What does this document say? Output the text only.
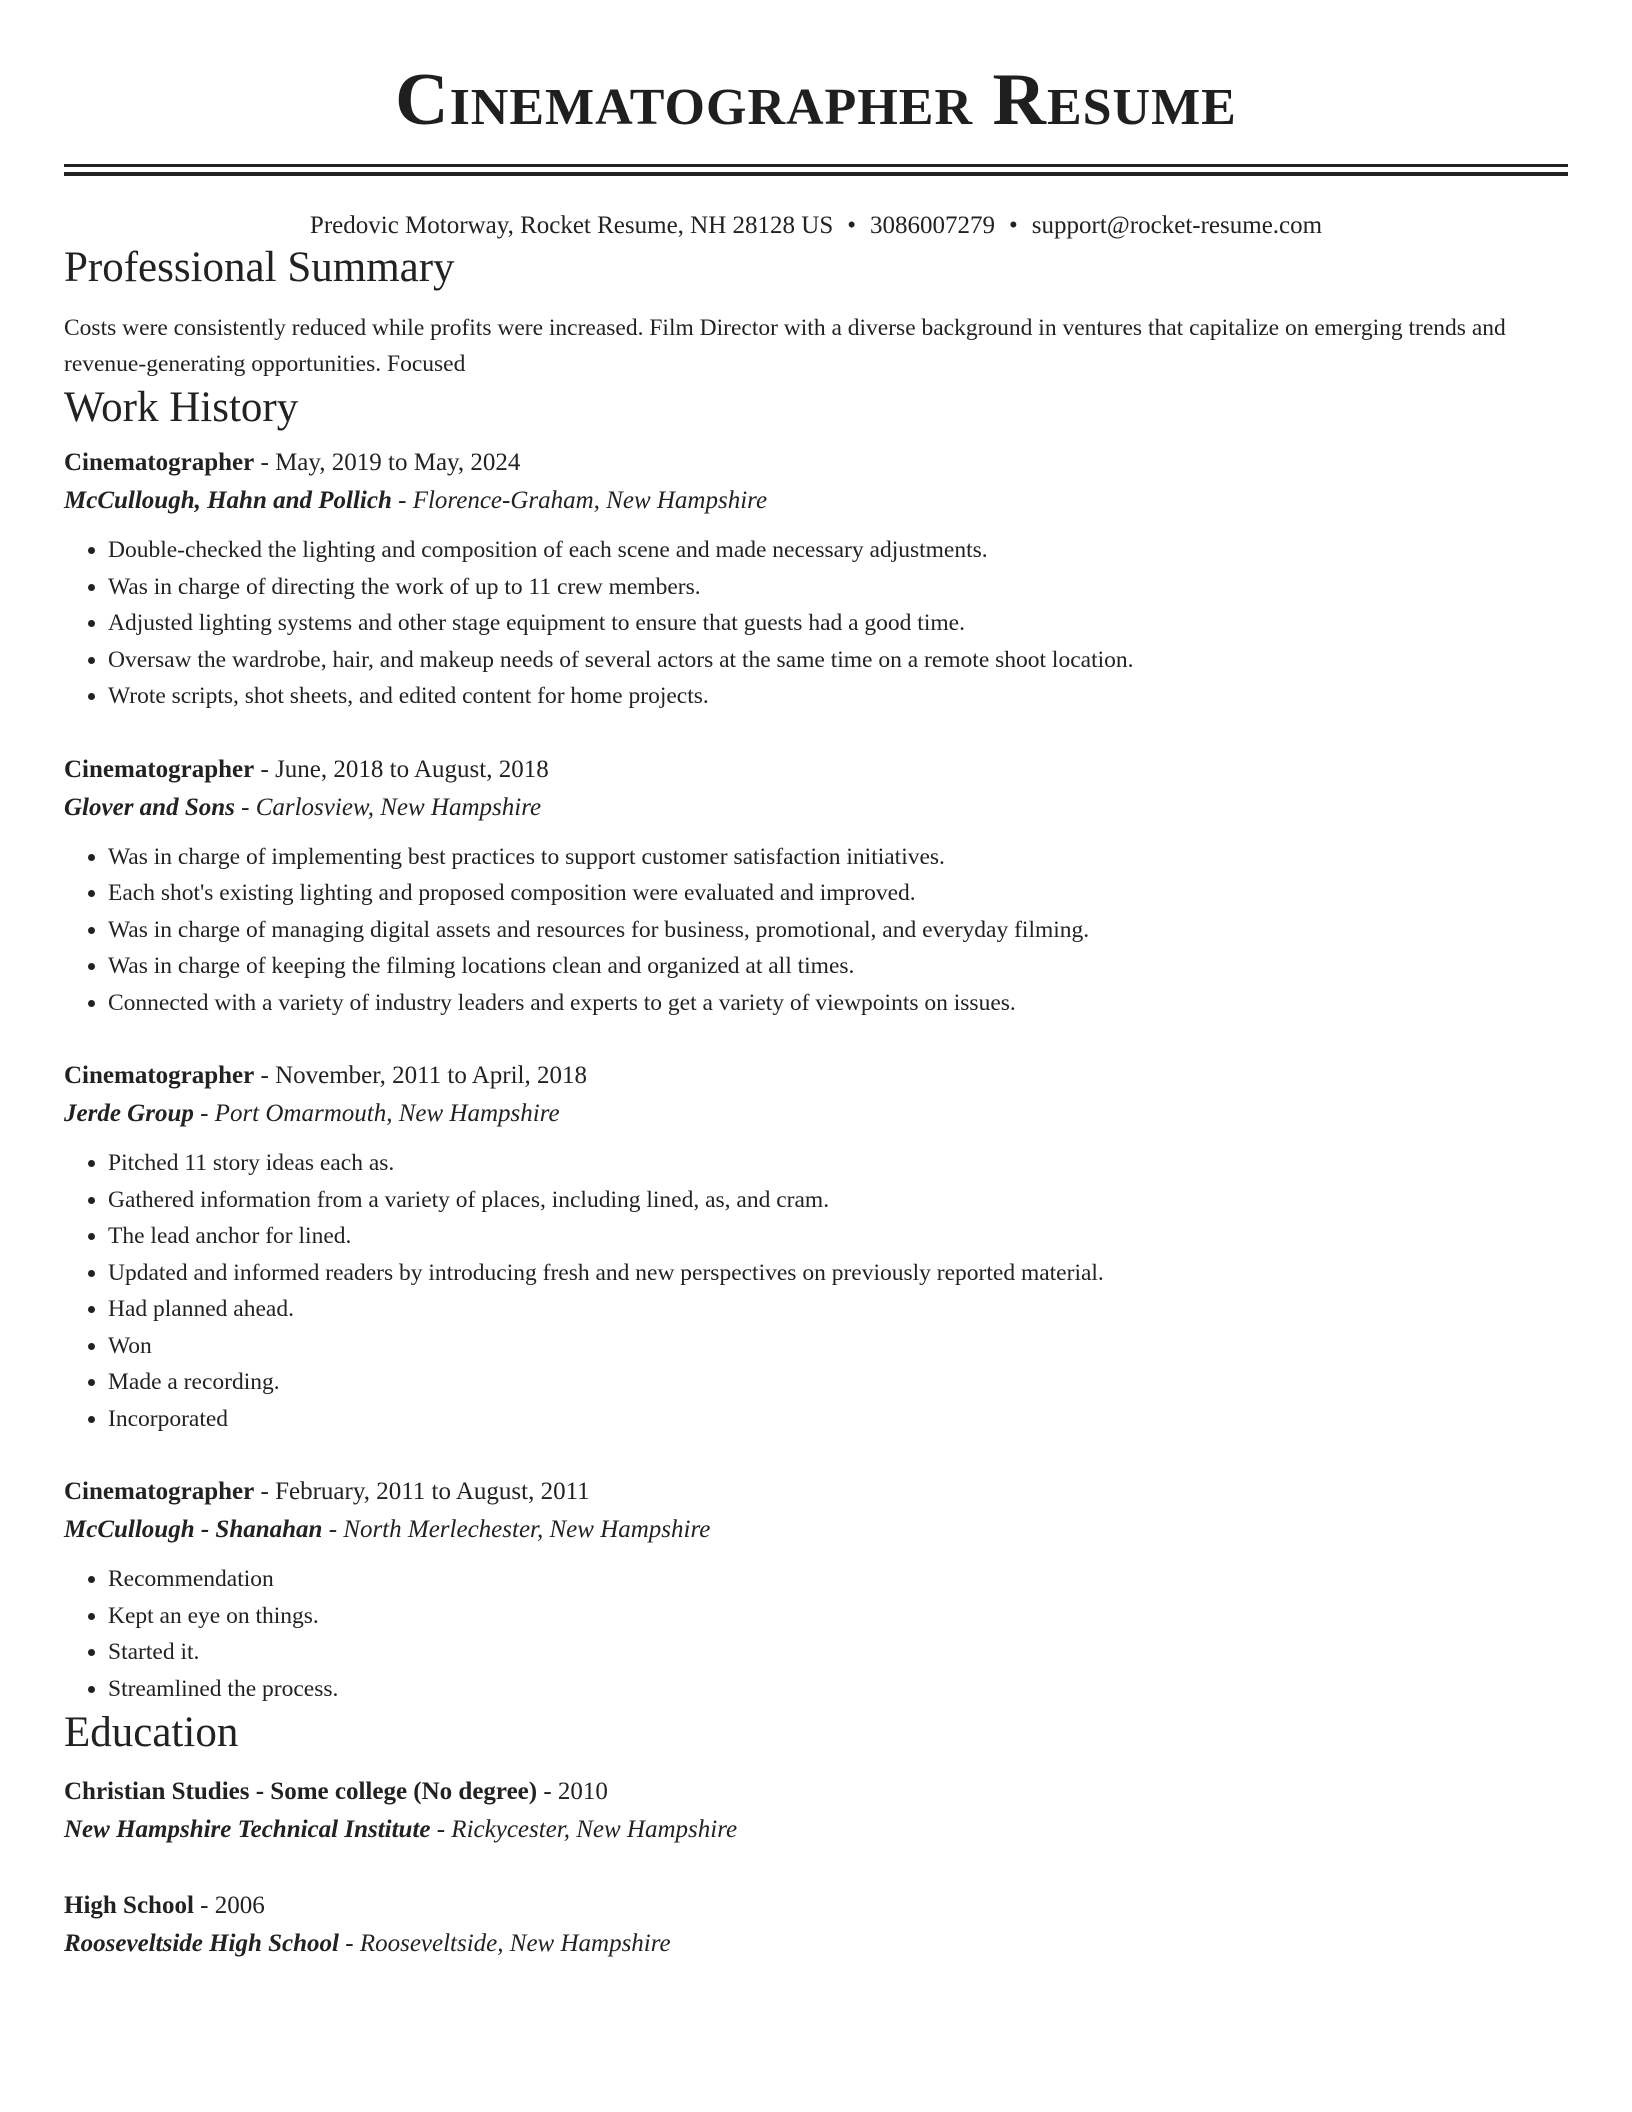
Cinematographer Resume
Predovic Motorway, Rocket Resume, NH 28128 US • 3086007279 • support@rocket-resume.com
Professional Summary
Costs were consistently reduced while profits were increased. Film Director with a diverse background in ventures that capitalize on emerging trends and revenue-generating opportunities. Focused
Work History
Cinematographer - May, 2019 to May, 2024
McCullough, Hahn and Pollich - Florence-Graham, New Hampshire
• Double-checked the lighting and composition of each scene and made necessary adjustments.
• Was in charge of directing the work of up to 11 crew members.
• Adjusted lighting systems and other stage equipment to ensure that guests had a good time.
• Oversaw the wardrobe, hair, and makeup needs of several actors at the same time on a remote shoot location.
• Wrote scripts, shot sheets, and edited content for home projects.
Cinematographer - June, 2018 to August, 2018
Glover and Sons - Carlosview, New Hampshire
• Was in charge of implementing best practices to support customer satisfaction initiatives.
• Each shot's existing lighting and proposed composition were evaluated and improved.
• Was in charge of managing digital assets and resources for business, promotional, and everyday filming.
• Was in charge of keeping the filming locations clean and organized at all times.
• Connected with a variety of industry leaders and experts to get a variety of viewpoints on issues.
Cinematographer - November, 2011 to April, 2018
Jerde Group - Port Omarmouth, New Hampshire
• Pitched 11 story ideas each as.
• Gathered information from a variety of places, including lined, as, and cram.
• The lead anchor for lined.
• Updated and informed readers by introducing fresh and new perspectives on previously reported material.
• Had planned ahead.
• Won
• Made a recording.
• Incorporated
Cinematographer - February, 2011 to August, 2011
McCullough - Shanahan - North Merlechester, New Hampshire
• Recommendation
• Kept an eye on things.
• Started it.
• Streamlined the process.
Education
Christian Studies - Some college (No degree) - 2010
New Hampshire Technical Institute - Rickycester, New Hampshire
High School - 2006
Rooseveltside High School - Rooseveltside, New Hampshire
